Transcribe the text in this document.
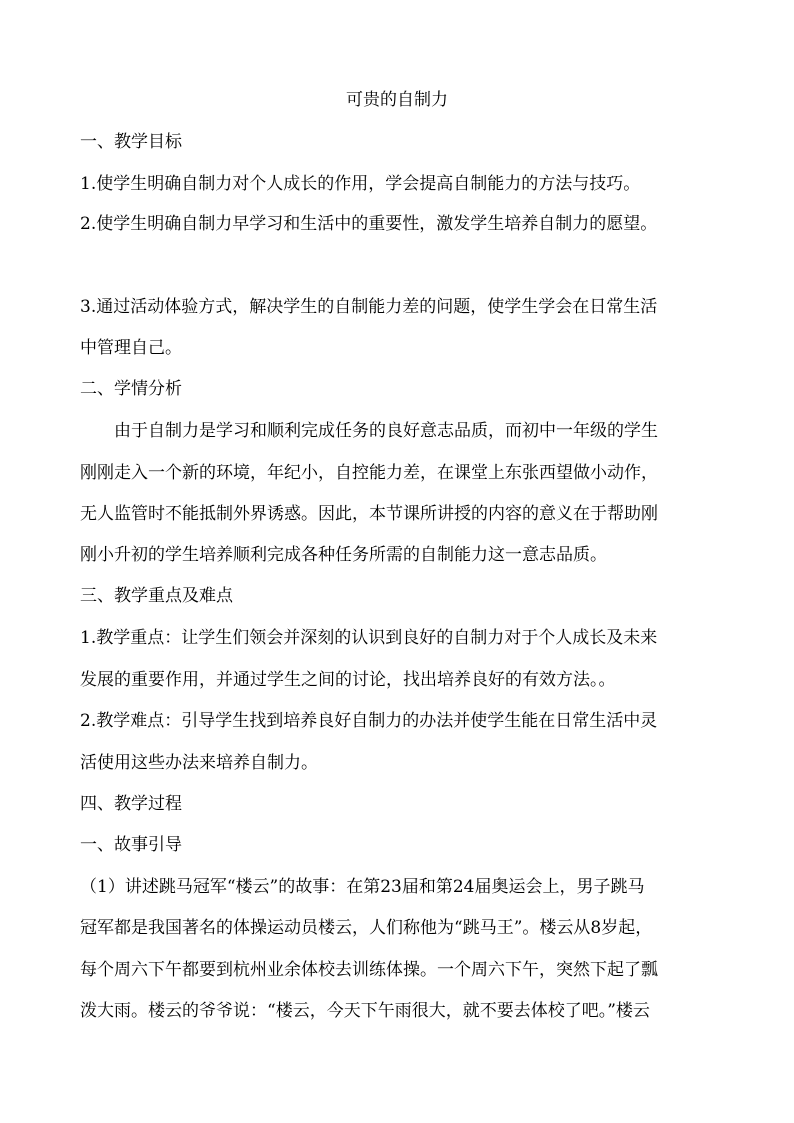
可贵的自制力
一、教学目标
1.使学生明确自制力对个人成长的作用，学会提高自制能力的方法与技巧。
2.使学生明确自制力早学习和生活中的重要性，激发学生培养自制力的愿望。
3.通过活动体验方式，解决学生的自制能力差的问题，使学生学会在日常生活
中管理自己。
二、学情分析
由于自制力是学习和顺利完成任务的良好意志品质，而初中一年级的学生
刚刚走入一个新的环境，年纪小，自控能力差，在课堂上东张西望做小动作，
无人监管时不能抵制外界诱惑。因此，本节课所讲授的内容的意义在于帮助刚
刚小升初的学生培养顺利完成各种任务所需的自制能力这一意志品质。
三、教学重点及难点
1.教学重点：让学生们领会并深刻的认识到良好的自制力对于个人成长及未来
发展的重要作用，并通过学生之间的讨论，找出培养良好的有效方法。。
2.教学难点：引导学生找到培养良好自制力的办法并使学生能在日常生活中灵
活使用这些办法来培养自制力。
四、教学过程
一、故事引导
（1）讲述跳马冠军“楼云”的故事：在第23届和第24届奥运会上，男子跳马
冠军都是我国著名的体操运动员楼云，人们称他为“跳马王”。楼云从8岁起，
每个周六下午都要到杭州业余体校去训练体操。一个周六下午，突然下起了瓢
泼大雨。楼云的爷爷说：“楼云，今天下午雨很大，就不要去体校了吧。”楼云
